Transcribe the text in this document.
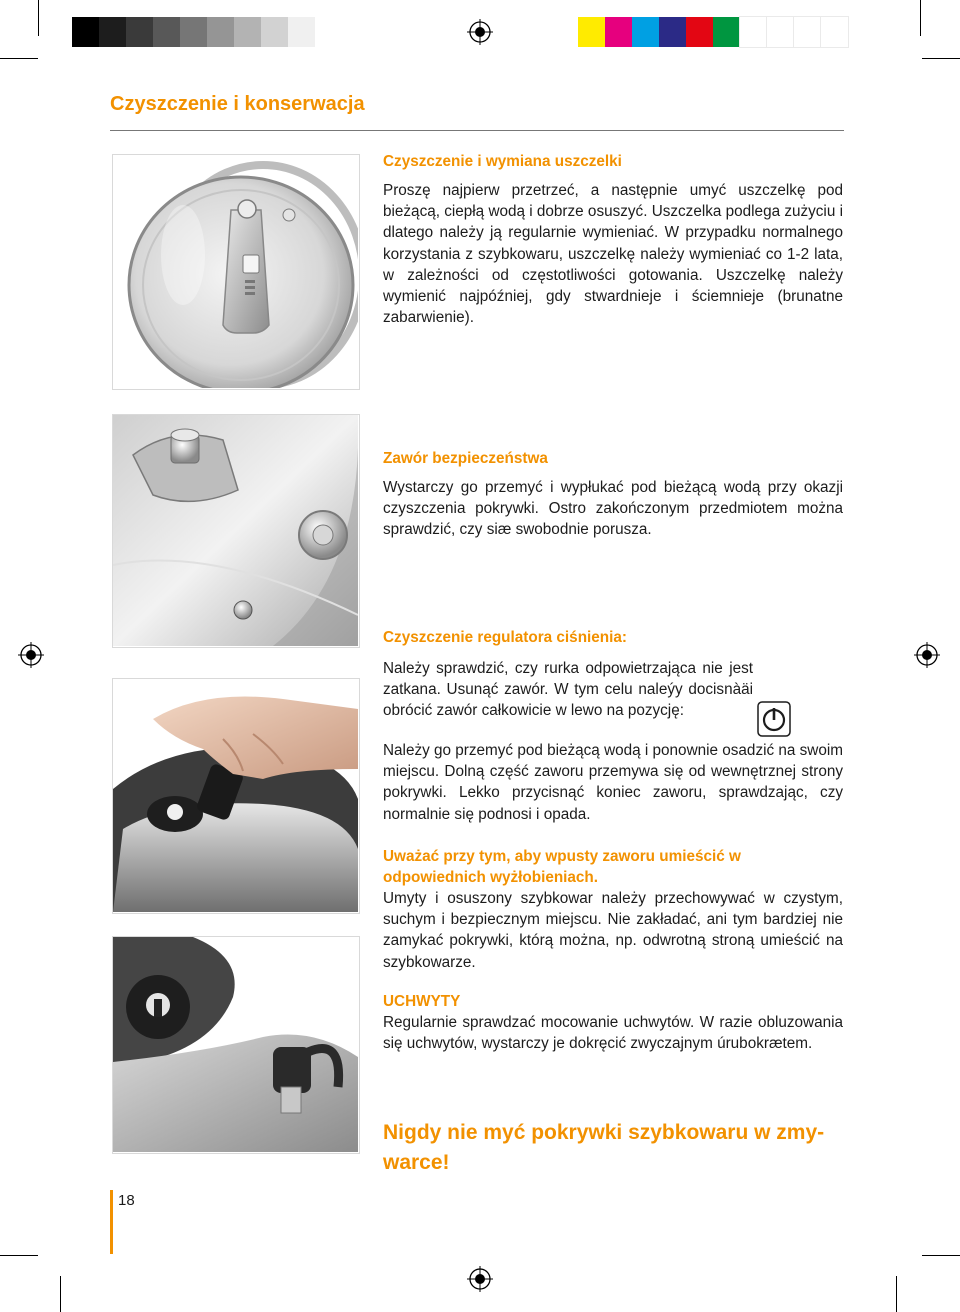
Czyszczenie i konserwacja

Czyszczenie i wymiana uszczelki

Proszę najpierw przetrzeć, a następnie umyć uszczelkę pod bieżącą, ciepłą wodą i dobrze osuszyć. Uszczelka podlega zużyciu i dlatego należy ją regularnie wymieniać. W przypadku normalnego korzystania z szybkowaru, uszczelkę należy wymieniać co 1-2 lata, w zależności od częstotliwości gotowania. Uszczelkę należy wymienić najpóźniej, gdy stwardnieje i ściemnieje (brunatne zabarwienie).

Zawór bezpieczeństwa

Wystarczy go przemyć i wypłukać pod bieżącą wodą przy okazji czyszczenia pokrywki. Ostro zakończonym przedmiotem można sprawdzić, czy siæ swobodnie porusza.

Czyszczenie regulatora ciśnienia:

Należy sprawdzić, czy rurka odpowietrzająca nie jest zatkana. Usunąć zawór. W tym celu naleýy docisnàäi obrócić zawór całkowicie w lewo na pozycję:

Należy go przemyć pod bieżącą wodą i ponownie osadzić na swoim miejscu. Dolną część zaworu przemywa się od wewnętrznej strony pokrywki. Lekko przycisnąć koniec zaworu, sprawdzając, czy normalnie się podnosi i opada.

Uważać przy tym, aby wpusty zaworu umieścić w odpowiednich wyżłobieniach.

Umyty i osuszony szybkowar należy przechowywać w czystym, suchym i bezpiecznym miejscu. Nie zakładać, ani tym bardziej nie zamykać pokrywki, którą można, np. odwrotną stroną umieścić na szybkowarze.

UCHWYTY

Regularnie sprawdzać mocowanie uchwytów. W razie obluzowania się uchwytów, wystarczy je dokręcić zwyczajnym úrubokrætem.

Nigdy nie myć pokrywki szybkowaru w zmy-warce!

18
